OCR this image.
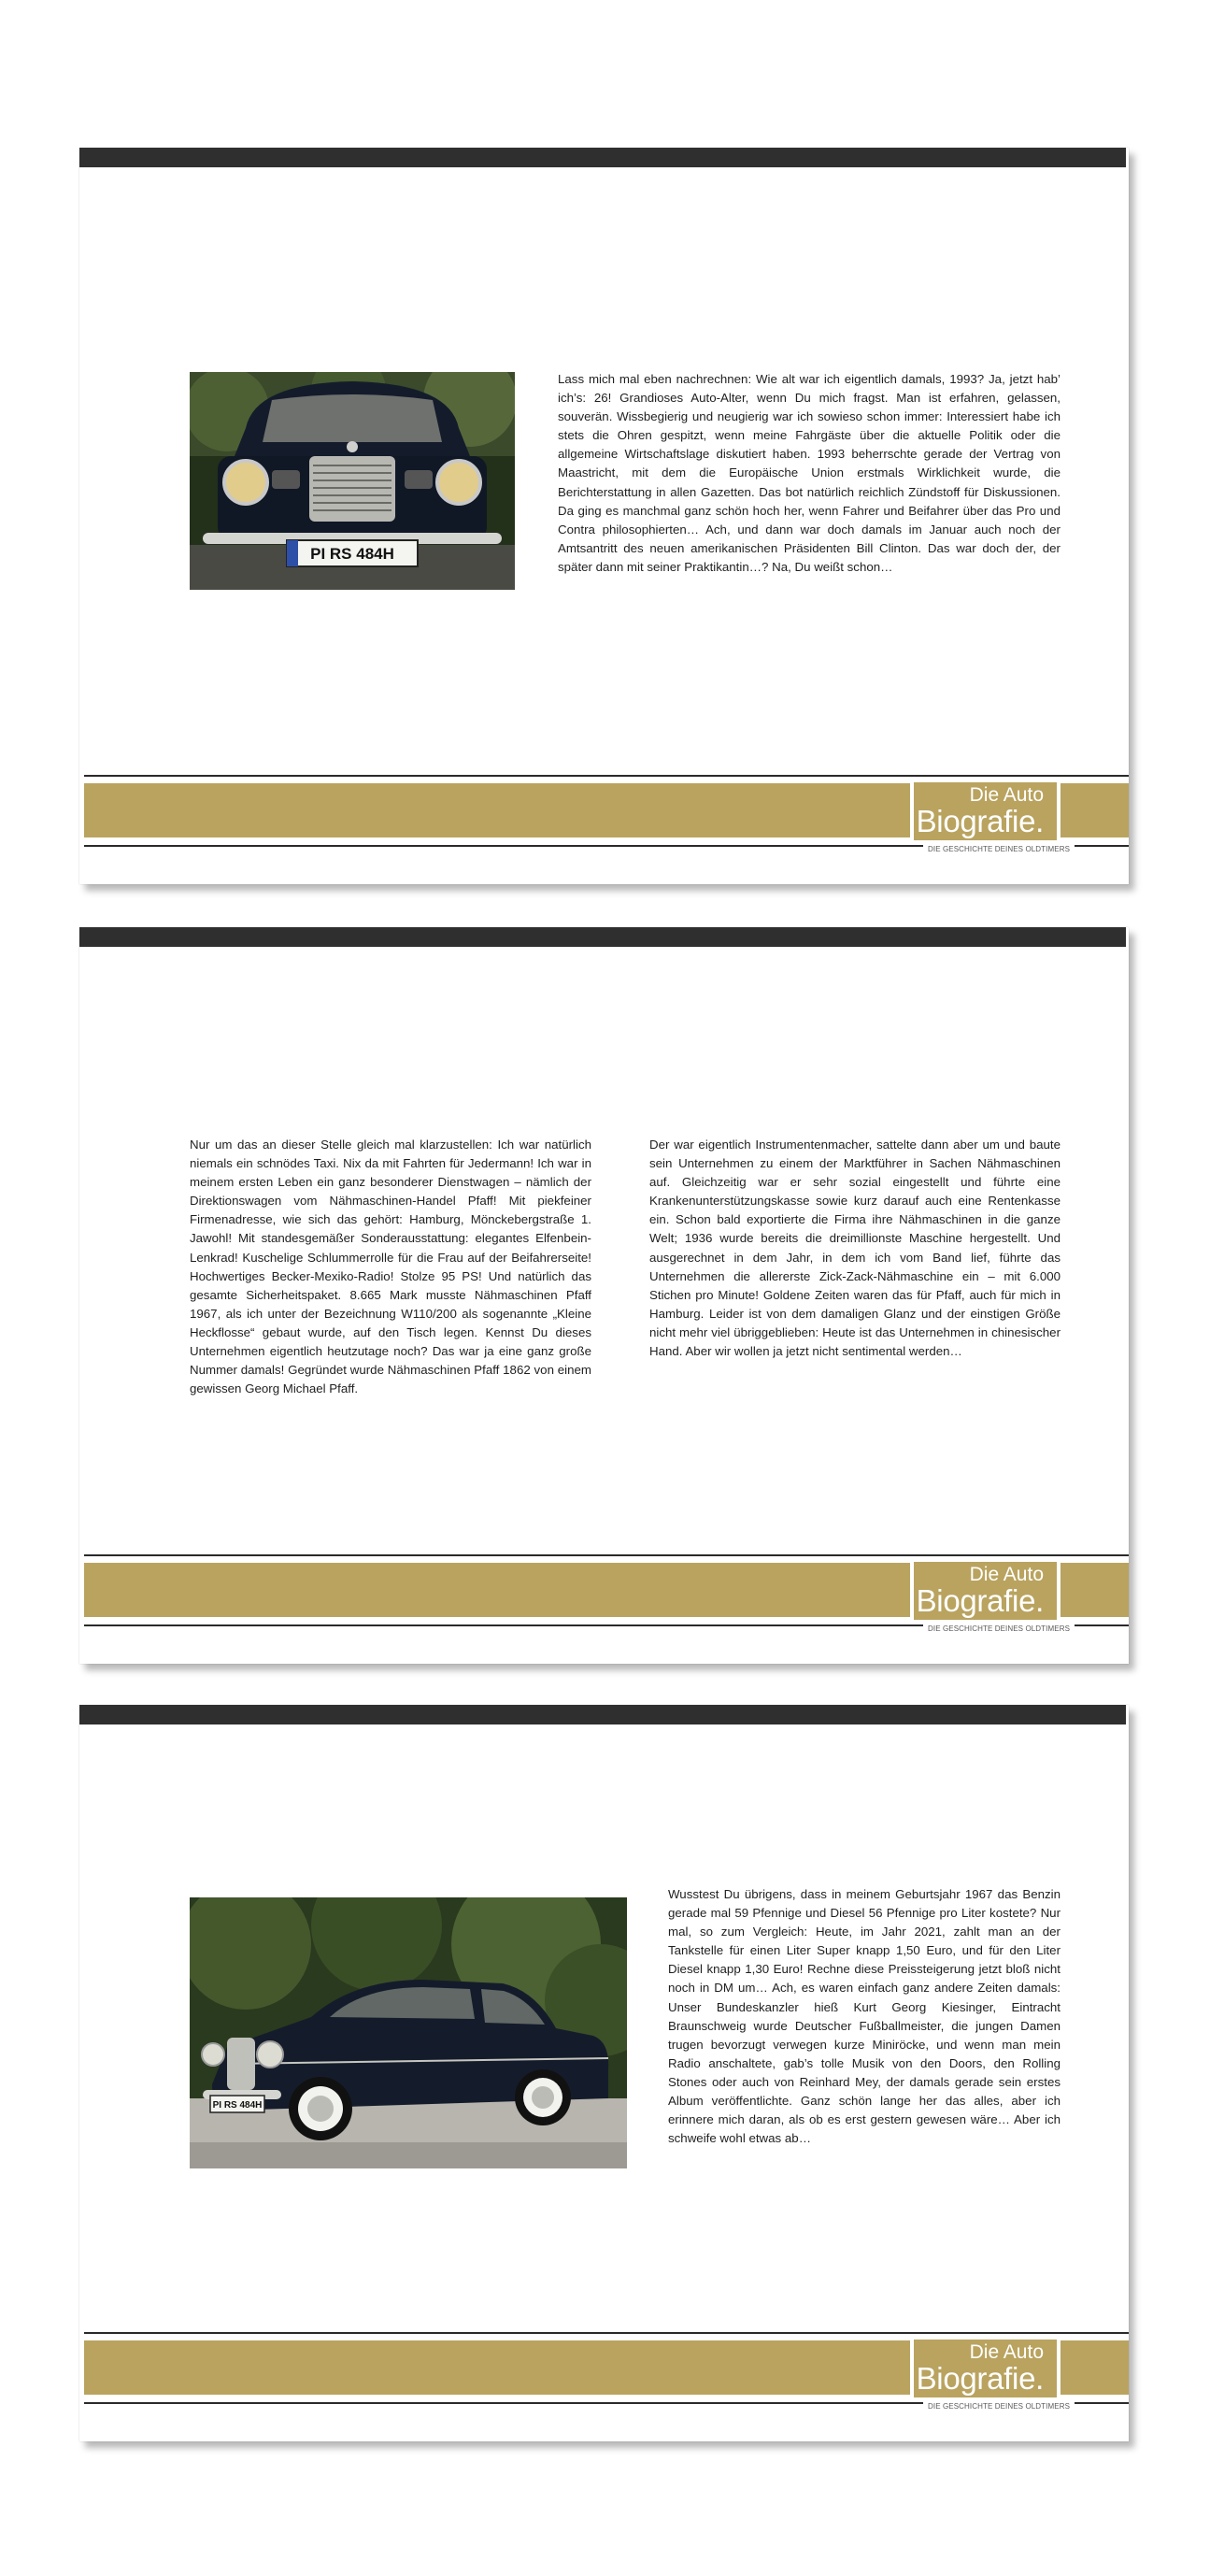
PI RS 484H
Lass mich mal eben nachrechnen: Wie alt war ich eigentlich damals, 1993? Ja, jetzt hab’ ich’s: 26! Grandioses Auto-Alter, wenn Du mich fragst. Man ist erfahren, gelassen, souverän. Wissbegierig und neugierig war ich sowieso schon immer: Interessiert habe ich stets die Ohren gespitzt, wenn meine Fahrgäste über die aktuelle Politik oder die allgemeine Wirtschaftslage diskutiert haben. 1993 beherrschte gerade der Vertrag von Maastricht, mit dem die Europäische Union erstmals Wirklichkeit wurde, die Berichterstattung in allen Gazetten. Das bot natürlich reichlich Zündstoff für Diskussionen. Da ging es manchmal ganz schön hoch her, wenn Fahrer und Beifahrer über das Pro und Contra philosophierten… Ach, und dann war doch damals im Januar auch noch der Amtsantritt des neuen amerikanischen Präsidenten Bill Clinton. Das war doch der, der später dann mit seiner Praktikantin…? Na, Du weißt schon…
Die Auto
Biografie.
DIE GESCHICHTE DEINES OLDTIMERS
Nur um das an dieser Stelle gleich mal klarzustellen: Ich war natürlich niemals ein schnödes Taxi. Nix da mit Fahrten für Jedermann! Ich war in meinem ersten Leben ein ganz besonderer Dienstwagen – nämlich der Direktionswagen vom Nähmaschinen-Handel Pfaff! Mit piekfeiner Firmenadresse, wie sich das gehört: Hamburg, Mönckebergstraße 1. Jawohl! Mit standesgemäßer Sonderausstattung: elegantes Elfenbein-Lenkrad! Kuschelige Schlummerrolle für die Frau auf der Beifahrerseite! Hochwertiges Becker-Mexiko-Radio! Stolze 95 PS! Und natürlich das gesamte Sicherheitspaket. 8.665 Mark musste Nähmaschinen Pfaff 1967, als ich unter der Bezeichnung W110/200 als sogenannte „Kleine Heckflosse“ gebaut wurde, auf den Tisch legen. Kennst Du dieses Unternehmen eigentlich heutzutage noch? Das war ja eine ganz große Nummer damals! Gegründet wurde Nähmaschinen Pfaff 1862 von einem gewissen Georg Michael Pfaff.
Der war eigentlich Instrumentenmacher, sattelte dann aber um und baute sein Unternehmen zu einem der Marktführer in Sachen Nähmaschinen auf. Gleichzeitig war er sehr sozial eingestellt und führte eine Krankenunterstützungskasse sowie kurz darauf auch eine Rentenkasse ein. Schon bald exportierte die Firma ihre Nähmaschinen in die ganze Welt; 1936 wurde bereits die dreimillionste Maschine hergestellt. Und ausgerechnet in dem Jahr, in dem ich vom Band lief, führte das Unternehmen die allererste Zick-Zack-Nähmaschine ein – mit 6.000 Stichen pro Minute! Goldene Zeiten waren das für Pfaff, auch für mich in Hamburg. Leider ist von dem damaligen Glanz und der einstigen Größe nicht mehr viel übriggeblieben: Heute ist das Unternehmen in chinesischer Hand. Aber wir wollen ja jetzt nicht sentimental werden…
Die Auto
Biografie.
DIE GESCHICHTE DEINES OLDTIMERS
PI RS 484H
Wusstest Du übrigens, dass in meinem Geburtsjahr 1967 das Benzin gerade mal 59 Pfennige und Diesel 56 Pfennige pro Liter kostete? Nur mal, so zum Vergleich: Heute, im Jahr 2021, zahlt man an der Tankstelle für einen Liter Super knapp 1,50 Euro, und für den Liter Diesel knapp 1,30 Euro! Rechne diese Preissteigerung jetzt bloß nicht noch in DM um… Ach, es waren einfach ganz andere Zeiten damals: Unser Bundeskanzler hieß Kurt Georg Kiesinger, Eintracht Braunschweig wurde Deutscher Fußballmeister, die jungen Damen trugen bevorzugt verwegen kurze Miniröcke, und wenn man mein Radio anschaltete, gab’s tolle Musik von den Doors, den Rolling Stones oder auch von Reinhard Mey, der damals gerade sein erstes Album veröffentlichte. Ganz schön lange her das alles, aber ich erinnere mich daran, als ob es erst gestern gewesen wäre… Aber ich schweife wohl etwas ab…
Die Auto
Biografie.
DIE GESCHICHTE DEINES OLDTIMERS
